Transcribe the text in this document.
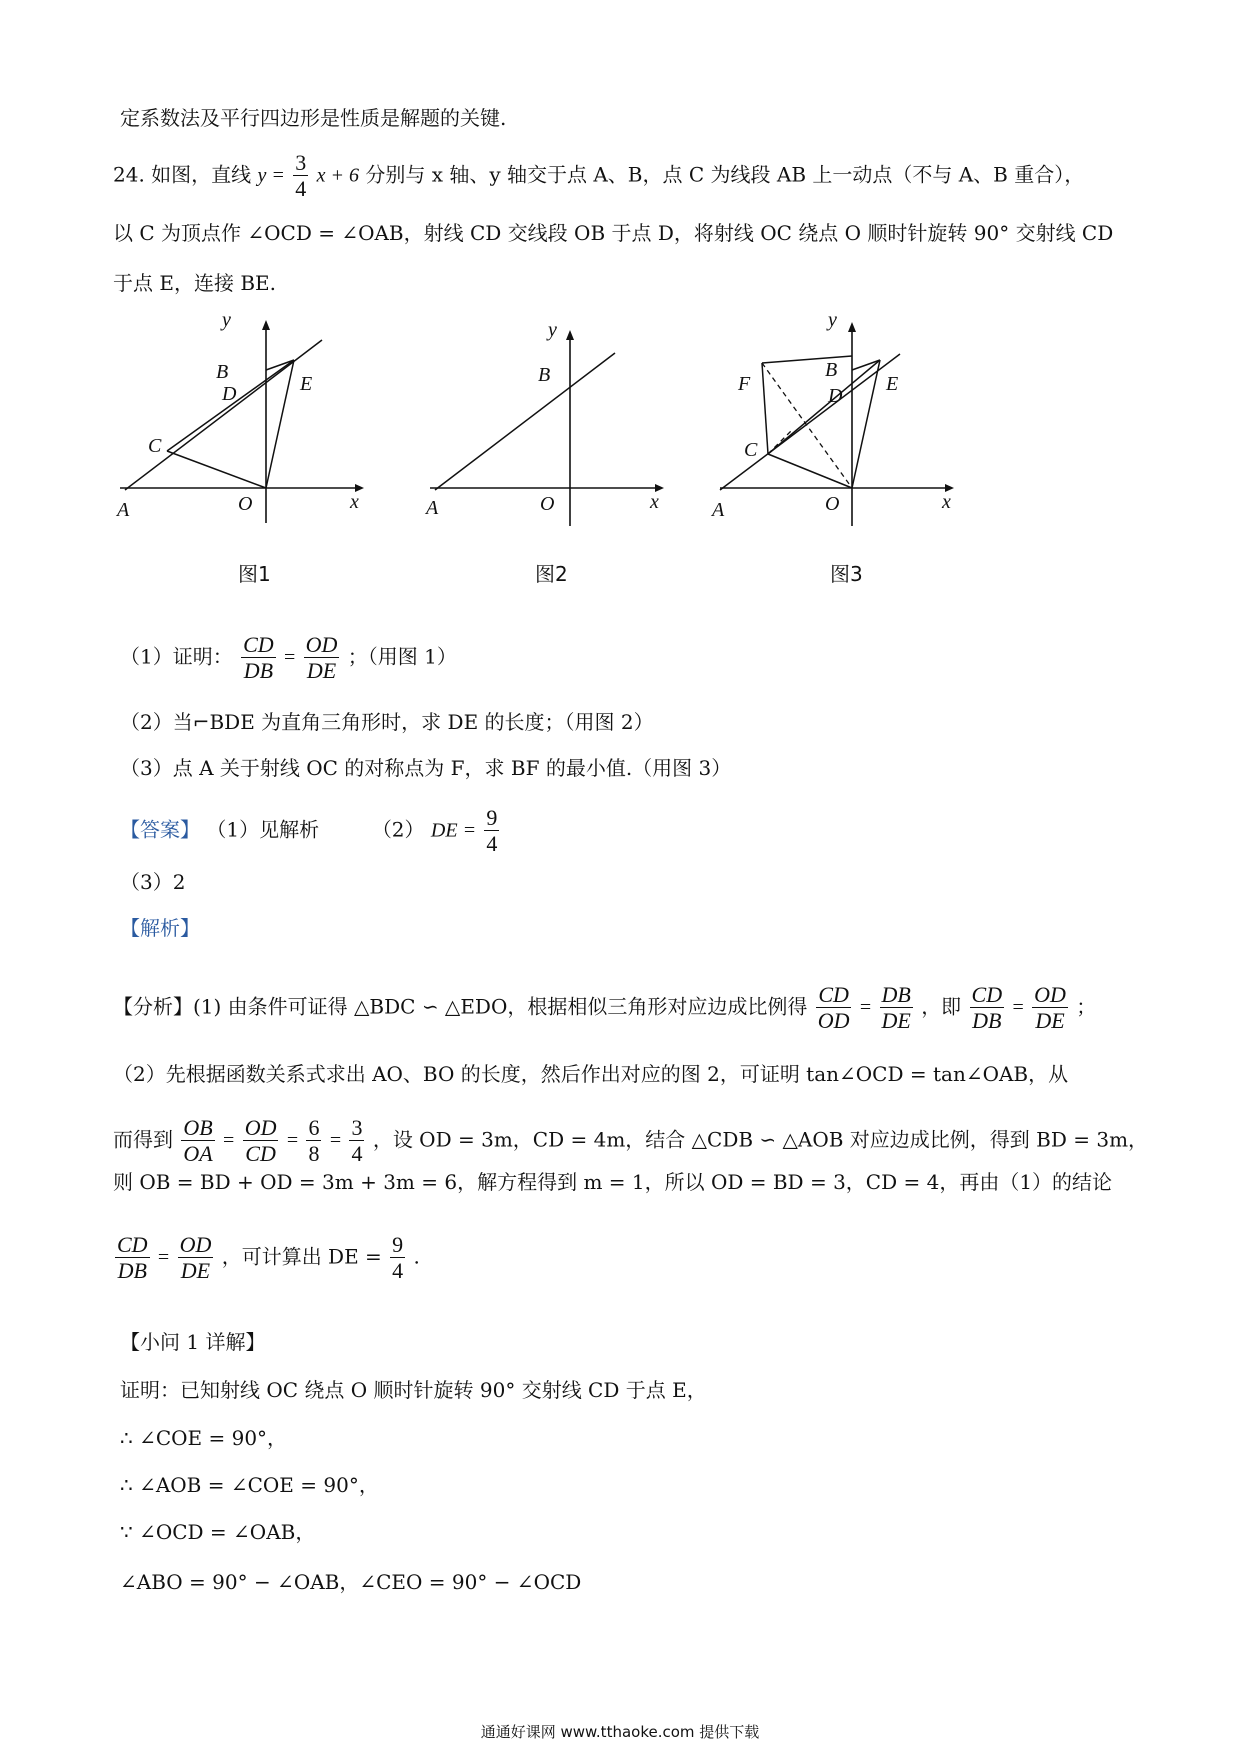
定系数法及平行四边形是性质是解题的关键.
24. 如图，直线 $y = \frac{3}{4}$ x + 6 分别与 x 轴、y 轴交于点 A、B，点 C 为线段 AB 上一动点（不与 A、B 重合），
以 C 为顶点作 ∠OCD = ∠OAB，射线 CD 交线段 OB 于点 D，将射线 OC 绕点 O 顺时针旋转 90° 交射线 CD
于点 E，连接 BE.
y
x
A
B
C
D	E
O
图1
y
x
A
B
O
图2
y
x
A
B
C
D
E
F
O
图3
（1）证明： $\frac{CD}{DB} = \frac{OD}{DE}$ ；（用图 1）
（2）当⌐BDE 为直角三角形时，求 DE 的长度；（用图 2）
（3）点 A 关于射线 OC 的对称点为 F，求 BF 的最小值.（用图 3）
【答案】 （1）见解析	（2） DE = $\frac{9}{4}$
（3）2
【解析】
【分析】(1) 由条件可证得 △BDC ∽ △EDO，根据相似三角形对应边成比例得 $\frac{CD}{OD} = \frac{DB}{DE}$ ，即 $\frac{CD}{DB} = \frac{OD}{DE}$ ；
（2）先根据函数关系式求出 AO、BO 的长度，然后作出对应的图 2，可证明 tan∠OCD = tan∠OAB，从
而得到 $\frac{OB}{OA} = \frac{OD}{CD} = \frac{6}{8} = \frac{3}{4}$ ，设 OD = 3m，CD = 4m，结合 △CDB ∽ △AOB 对应边成比例，得到 BD = 3m，
则 OB = BD + OD = 3m + 3m = 6，解方程得到 m = 1，所以 OD = BD = 3，CD = 4，再由（1）的结论
$\frac{CD}{DB} = \frac{OD}{DE}$ ，可计算出 DE = $\frac{9}{4}$ .
【小问 1 详解】
证明：已知射线 OC 绕点 O 顺时针旋转 90° 交射线 CD 于点 E，
∴ ∠COE = 90°，
∴ ∠AOB = ∠COE = 90°，
∵ ∠OCD = ∠OAB，
∠ABO = 90° − ∠OAB，∠CEO = 90° − ∠OCD
通通好课网 www.tthaoke.com 提供下载
